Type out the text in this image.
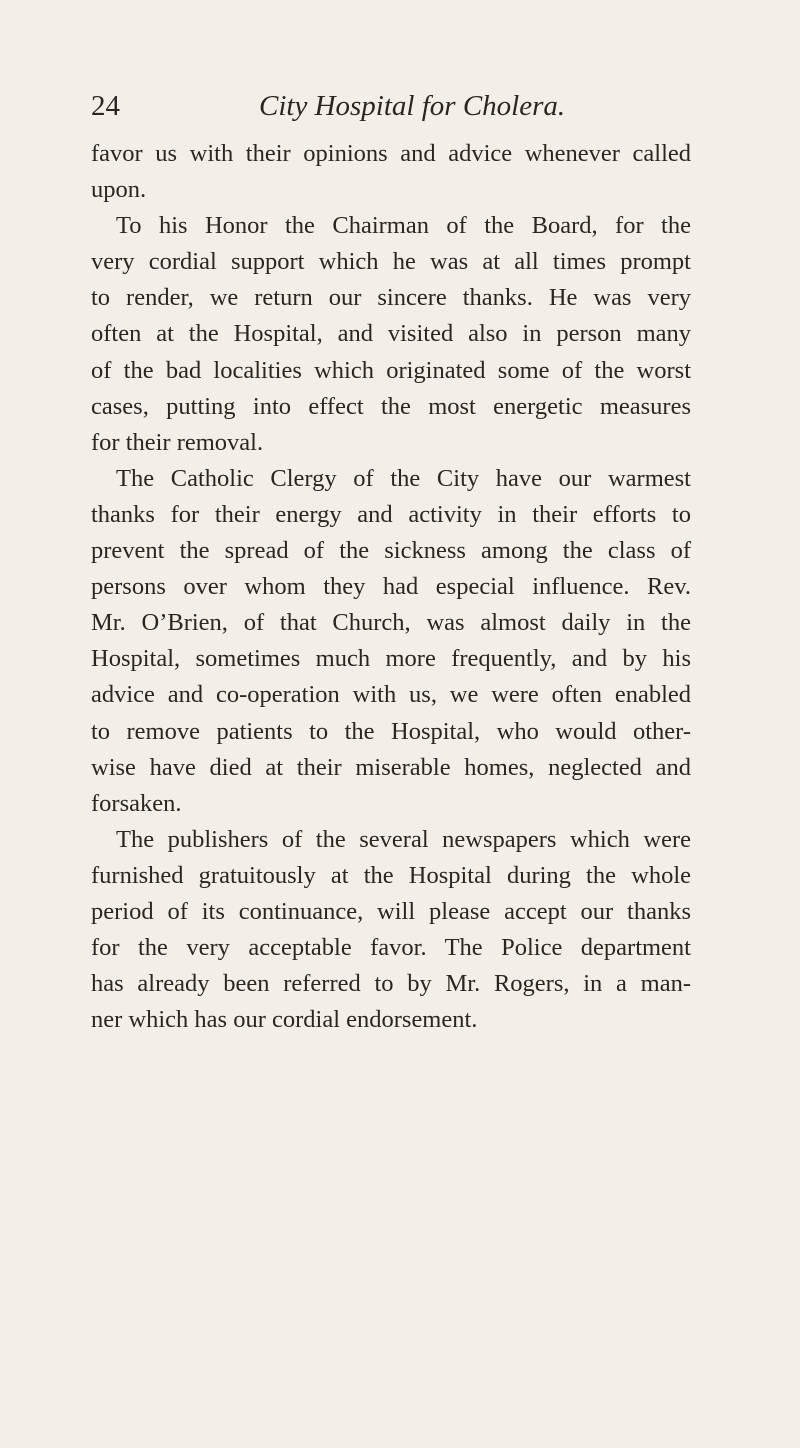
24	City Hospital for Cholera.
favor us with their opinions and advice whenever called
upon.
To his Honor the Chairman of the Board, for the
very cordial support which he was at all times prompt
to render, we return our sincere thanks. He was very
often at the Hospital, and visited also in person many
of the bad localities which originated some of the worst
cases, putting into effect the most energetic measures
for their removal.
The Catholic Clergy of the City have our warmest
thanks for their energy and activity in their efforts to
prevent the spread of the sickness among the class of
persons over whom they had especial influence. Rev.
Mr. O’Brien, of that Church, was almost daily in the
Hospital, sometimes much more frequently, and by his
advice and co-operation with us, we were often enabled
to remove patients to the Hospital, who would other-
wise have died at their miserable homes, neglected and
forsaken.
The publishers of the several newspapers which were
furnished gratuitously at the Hospital during the whole
period of its continuance, will please accept our thanks
for the very acceptable favor. The Police department
has already been referred to by Mr. Rogers, in a man-
ner which has our cordial endorsement.
